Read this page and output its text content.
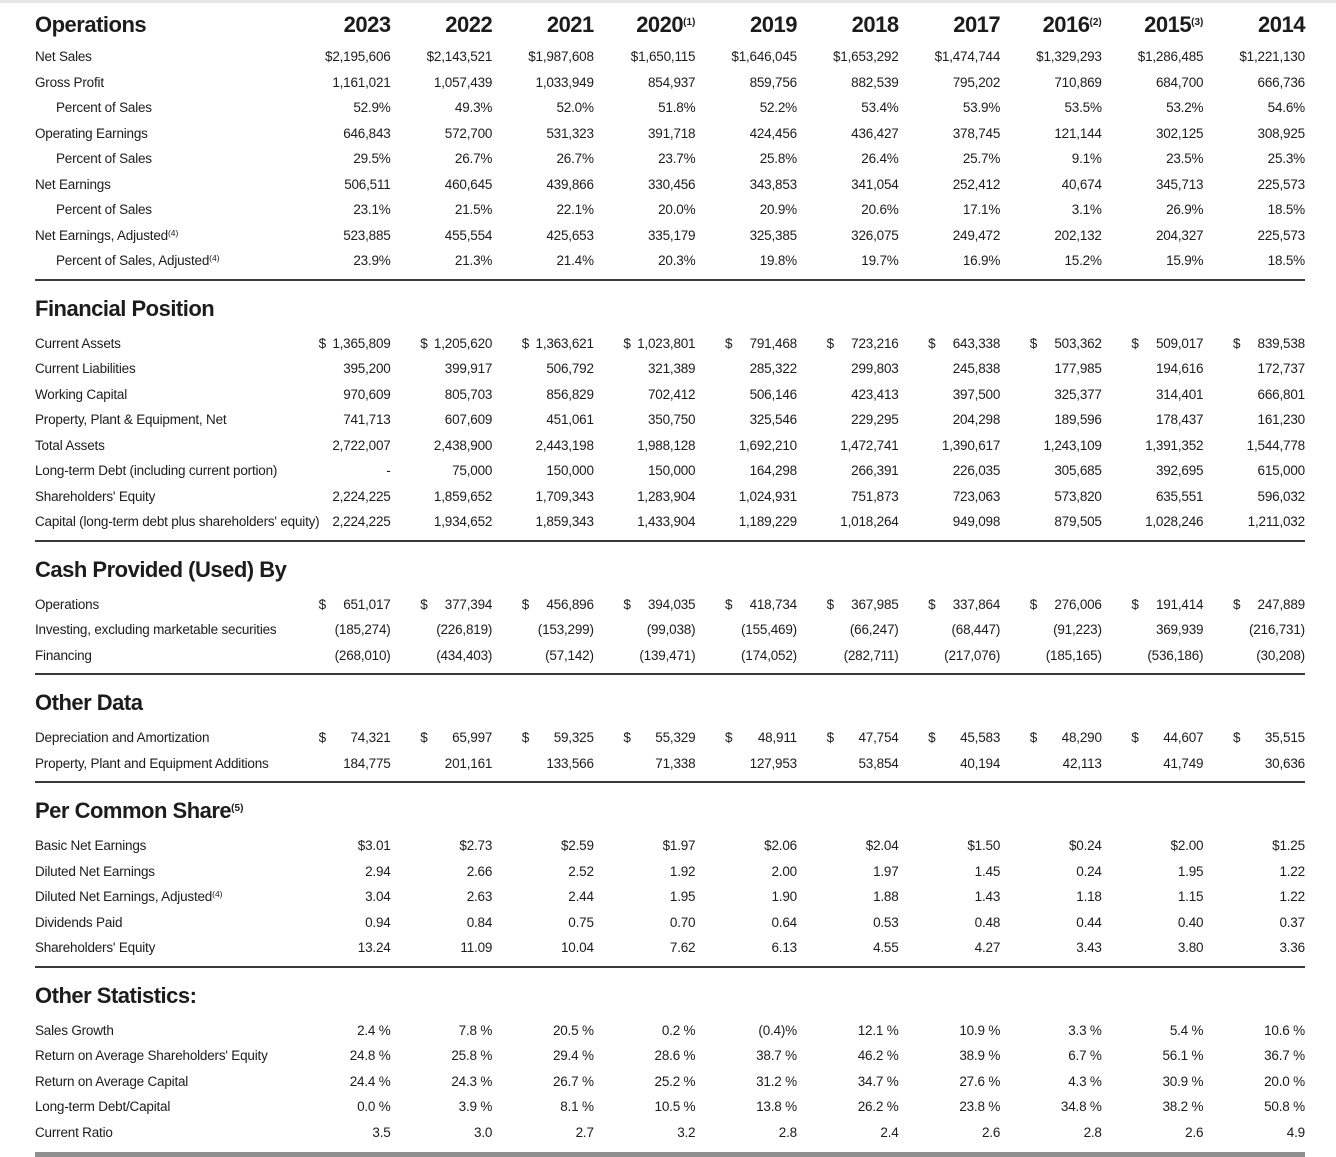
Operations	2023	2022	2021	2020$^{(1)}$	2019	2018	2017	2016$^{(2)}$	2015$^{(3)}$	2014
Net Sales	$2,195,606	$2,143,521	$1,987,608	$1,650,115	$1,646,045	$1,653,292	$1,474,744	$1,329,293	$1,286,485	$1,221,130
Gross Profit	1,161,021	1,057,439	1,033,949	854,937	859,756	882,539	795,202	710,869	684,700	666,736
Percent of Sales	52.9%	49.3%	52.0%	51.8%	52.2%	53.4%	53.9%	53.5%	53.2%	54.6%
Operating Earnings	646,843	572,700	531,323	391,718	424,456	436,427	378,745	121,144	302,125	308,925
Percent of Sales	29.5%	26.7%	26.7%	23.7%	25.8%	26.4%	25.7%	9.1%	23.5%	25.3%
Net Earnings	506,511	460,645	439,866	330,456	343,853	341,054	252,412	40,674	345,713	225,573
Percent of Sales	23.1%	21.5%	22.1%	20.0%	20.9%	20.6%	17.1%	3.1%	26.9%	18.5%
Net Earnings, Adjusted$^{(4)}$	523,885	455,554	425,653	335,179	325,385	326,075	249,472	202,132	204,327	225,573
Percent of Sales, Adjusted$^{(4)}$	23.9%	21.3%	21.4%	20.3%	19.8%	19.7%	16.9%	15.2%	15.9%	18.5%
Financial Position
Current Assets	$ 1,365,809 $ 1,205,620 $ 1,363,621 $ 1,023,801 $ 791,468 $ 723,216 $ 643,338 $ 503,362 $ 509,017 $ 839,538
Current Liabilities	395,200	399,917	506,792	321,389	285,322	299,803	245,838	177,985	194,616	172,737
Working Capital	970,609	805,703	856,829	702,412	506,146	423,413	397,500	325,377	314,401	666,801
Property, Plant & Equipment, Net	741,713	607,609	451,061	350,750	325,546	229,295	204,298	189,596	178,437	161,230
Total Assets	2,722,007	2,438,900	2,443,198	1,988,128	1,692,210	1,472,741	1,390,617	1,243,109	1,391,352	1,544,778
Long-term Debt (including current portion)	-	75,000	150,000	150,000	164,298	266,391	226,035	305,685	392,695	615,000
Shareholders' Equity	2,224,225	1,859,652	1,709,343	1,283,904	1,024,931	751,873	723,063	573,820	635,551	596,032
Capital (long-term debt plus shareholders' equity) 2,224,225	1,934,652	1,859,343	1,433,904	1,189,229	1,018,264	949,098	879,505	1,028,246	1,211,032
Cash Provided (Used) By
Operations	$ 651,017 $ 377,394 $ 456,896 $ 394,035 $ 418,734 $ 367,985 $ 337,864 $ 276,006 $ 191,414 $ 247,889
Investing, excluding marketable securities	(185,274)	(226,819)	(153,299)	(99,038)	(155,469)	(66,247)	(68,447)	(91,223)	369,939	(216,731)
Financing	(268,010)	(434,403)	(57,142)	(139,471)	(174,052)	(282,711)	(217,076)	(185,165)	(536,186)	(30,208)
Other Data
Depreciation and Amortization	$ 74,321 $ 65,997 $ 59,325 $ 55,329 $ 48,911 $ 47,754 $ 45,583 $ 48,290 $ 44,607 $ 35,515
Property, Plant and Equipment Additions	184,775	201,161	133,566	71,338	127,953	53,854	40,194	42,113	41,749	30,636
Per Common Share$^{(5)}$
Basic Net Earnings	$3.01	$2.73	$2.59	$1.97	$2.06	$2.04	$1.50	$0.24	$2.00	$1.25
Diluted Net Earnings	2.94	2.66	2.52	1.92	2.00	1.97	1.45	0.24	1.95	1.22
Diluted Net Earnings, Adjusted$^{(4)}$	3.04	2.63	2.44	1.95	1.90	1.88	1.43	1.18	1.15	1.22
Dividends Paid	0.94	0.84	0.75	0.70	0.64	0.53	0.48	0.44	0.40	0.37
Shareholders' Equity	13.24	11.09	10.04	7.62	6.13	4.55	4.27	3.43	3.80	3.36
Other Statistics:
Sales Growth	2.4 %	7.8 %	20.5 %	0.2 %	(0.4)%	12.1 %	10.9 %	3.3 %	5.4 %	10.6 %
Return on Average Shareholders' Equity	24.8 %	25.8 %	29.4 %	28.6 %	38.7 %	46.2 %	38.9 %	6.7 %	56.1 %	36.7 %
Return on Average Capital	24.4 %	24.3 %	26.7 %	25.2 %	31.2 %	34.7 %	27.6 %	4.3 %	30.9 %	20.0 %
Long-term Debt/Capital	0.0 %	3.9 %	8.1 %	10.5 %	13.8 %	26.2 %	23.8 %	34.8 %	38.2 %	50.8 %
Current Ratio	3.5	3.0	2.7	3.2	2.8	2.4	2.6	2.8	2.6	4.9
